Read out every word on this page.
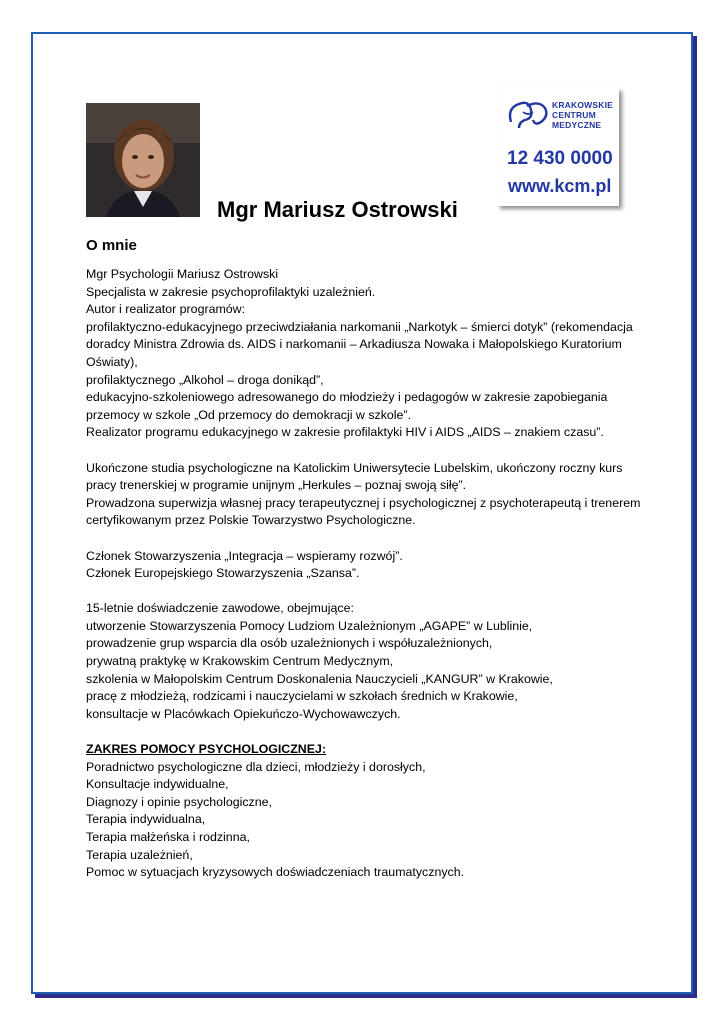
KRAKOWSKIE
CENTRUM
MEDYCZNE
12 430 0000
www.kcm.pl
Mgr Mariusz Ostrowski
O mnie

Mgr Psychologii Mariusz Ostrowski
Specjalista w zakresie psychoprofilaktyki uzależnień.
Autor i realizator programów:
profilaktyczno-edukacyjnego przeciwdziałania narkomanii „Narkotyk – śmierci dotyk” (rekomendacja
doradcy Ministra Zdrowia ds. AIDS i narkomanii – Arkadiusza Nowaka i Małopolskiego Kuratorium
Oświaty),
profilaktycznego „Alkohol – droga donikąd”,
edukacyjno-szkoleniowego adresowanego do młodzieży i pedagogów w zakresie zapobiegania
przemocy w szkole „Od przemocy do demokracji w szkole”.
Realizator programu edukacyjnego w zakresie profilaktyki HIV i AIDS „AIDS – znakiem czasu”.

Ukończone studia psychologiczne na Katolickim Uniwersytecie Lubelskim, ukończony roczny kurs
pracy trenerskiej w programie unijnym „Herkules – poznaj swoją siłę”.
Prowadzona superwizja własnej pracy terapeutycznej i psychologicznej z psychoterapeutą i trenerem
certyfikowanym przez Polskie Towarzystwo Psychologiczne.

Członek Stowarzyszenia „Integracja – wspieramy rozwój”.
Członek Europejskiego Stowarzyszenia „Szansa”.

15-letnie doświadczenie zawodowe, obejmujące:
utworzenie Stowarzyszenia Pomocy Ludziom Uzależnionym „AGAPE” w Lublinie,
prowadzenie grup wsparcia dla osób uzależnionych i współuzależnionych,
prywatną praktykę w Krakowskim Centrum Medycznym,
szkolenia w Małopolskim Centrum Doskonalenia Nauczycieli „KANGUR” w Krakowie,
pracę z młodzieżą, rodzicami i nauczycielami w szkołach średnich w Krakowie,
konsultacje w Placówkach Opiekuńczo-Wychowawczych.

ZAKRES POMOCY PSYCHOLOGICZNEJ:
Poradnictwo psychologiczne dla dzieci, młodzieży i dorosłych,
Konsultacje indywidualne,
Diagnozy i opinie psychologiczne,
Terapia indywidualna,
Terapia małżeńska i rodzinna,
Terapia uzależnień,
Pomoc w sytuacjach kryzysowych doświadczeniach traumatycznych.
